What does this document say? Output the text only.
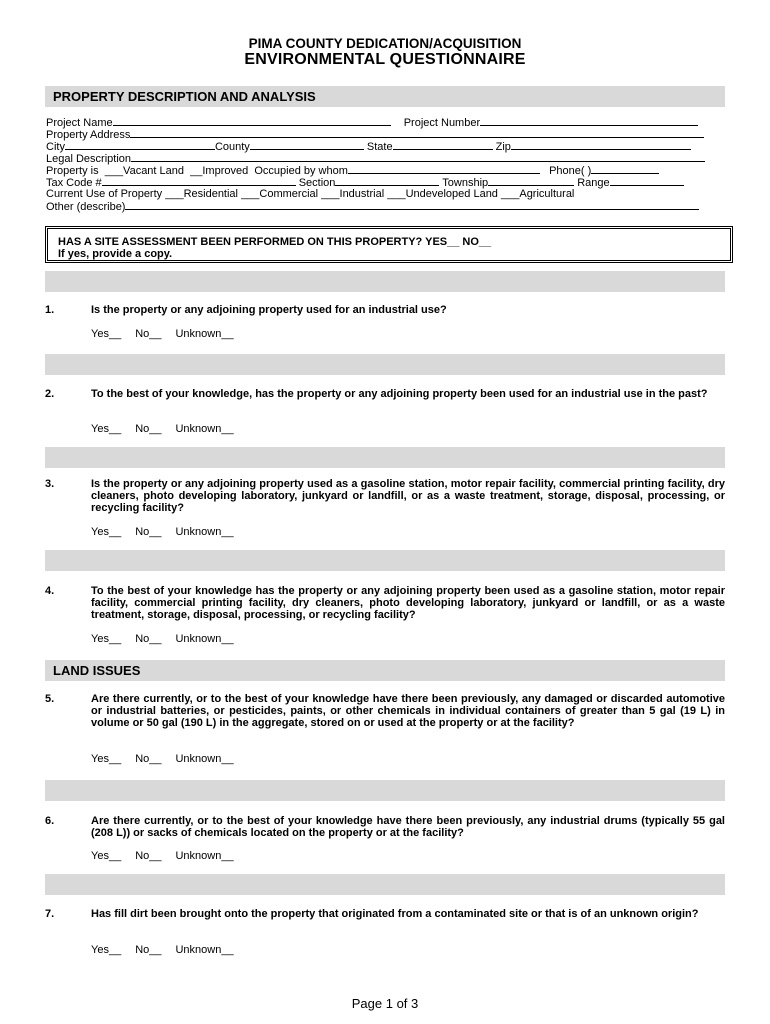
PIMA COUNTY DEDICATION/ACQUISITION
ENVIRONMENTAL QUESTIONNAIRE
PROPERTY DESCRIPTION AND ANALYSIS
Project Name	Project Number
Property Address
City	County	State	Zip
Legal Description
Property is ___Vacant Land __Improved Occupied by whom	Phone( )
Tax Code #	Section	Township	Range
Current Use of Property ___Residential ___Commercial ___Industrial ___Undeveloped Land ___Agricultural
Other (describe)
HAS A SITE ASSESSMENT BEEN PERFORMED ON THIS PROPERTY? YES__ NO__
If yes, provide a copy.
1.	Is the property or any adjoining property used for an industrial use?
Yes__ No__ Unknown__
2.	To the best of your knowledge, has the property or any adjoining property been used for an industrial use in the past?
Yes__ No__ Unknown__
3.	Is the property or any adjoining property used as a gasoline station, motor repair facility, commercial printing facility, dry cleaners, photo developing laboratory, junkyard or landfill, or as a waste treatment, storage, disposal, processing, or recycling facility?
Yes__ No__ Unknown__
4.	To the best of your knowledge has the property or any adjoining property been used as a gasoline station, motor repair facility, commercial printing facility, dry cleaners, photo developing laboratory, junkyard or landfill, or as a waste treatment, storage, disposal, processing, or recycling facility?
Yes__ No__ Unknown__
LAND ISSUES
5.	Are there currently, or to the best of your knowledge have there been previously, any damaged or discarded automotive or industrial batteries, or pesticides, paints, or other chemicals in individual containers of greater than 5 gal (19 L) in volume or 50 gal (190 L) in the aggregate, stored on or used at the property or at the facility?
Yes__ No__ Unknown__
6.	Are there currently, or to the best of your knowledge have there been previously, any industrial drums (typically 55 gal (208 L)) or sacks of chemicals located on the property or at the facility?
Yes__ No__ Unknown__
7.	Has fill dirt been brought onto the property that originated from a contaminated site or that is of an unknown origin?
Yes__ No__ Unknown__
Page 1 of 3
